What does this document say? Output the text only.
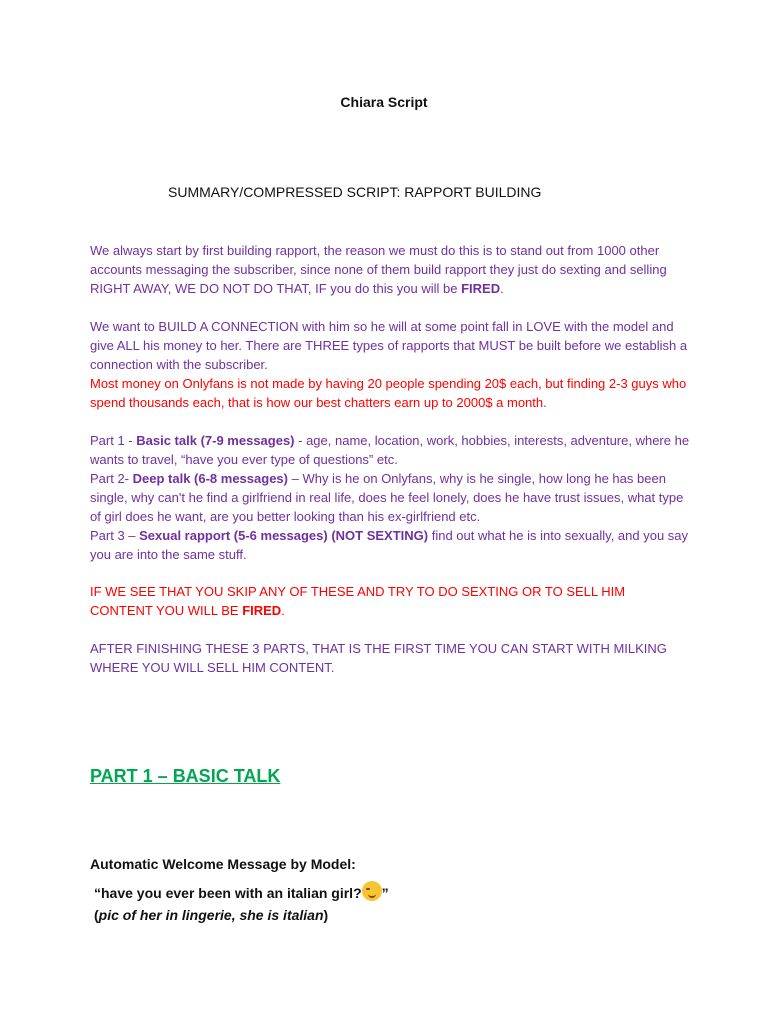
Chiara Script

SUMMARY/COMPRESSED SCRIPT: RAPPORT BUILDING

We always start by first building rapport, the reason we must do this is to stand out from 1000 other accounts messaging the subscriber, since none of them build rapport they just do sexting and selling RIGHT AWAY, WE DO NOT DO THAT, IF you do this you will be FIRED.

We want to BUILD A CONNECTION with him so he will at some point fall in LOVE with the model and give ALL his money to her. There are THREE types of rapports that MUST be built before we establish a connection with the subscriber.
Most money on Onlyfans is not made by having 20 people spending 20$ each, but finding 2-3 guys who spend thousands each, that is how our best chatters earn up to 2000$ a month.

Part 1 - Basic talk (7-9 messages) - age, name, location, work, hobbies, interests, adventure, where he wants to travel, “have you ever type of questions” etc.
Part 2- Deep talk (6-8 messages) – Why is he on Onlyfans, why is he single, how long he has been single, why can't he find a girlfriend in real life, does he feel lonely, does he have trust issues, what type of girl does he want, are you better looking than his ex-girlfriend etc.
Part 3 – Sexual rapport (5-6 messages) (NOT SEXTING) find out what he is into sexually, and you say you are into the same stuff.

IF WE SEE THAT YOU SKIP ANY OF THESE AND TRY TO DO SEXTING OR TO SELL HIM CONTENT YOU WILL BE FIRED.

AFTER FINISHING THESE 3 PARTS, THAT IS THE FIRST TIME YOU CAN START WITH MILKING WHERE YOU WILL SELL HIM CONTENT.

PART 1 – BASIC TALK

Automatic Welcome Message by Model:

“have you ever been with an italian girl? ”

(pic of her in lingerie, she is italian)
